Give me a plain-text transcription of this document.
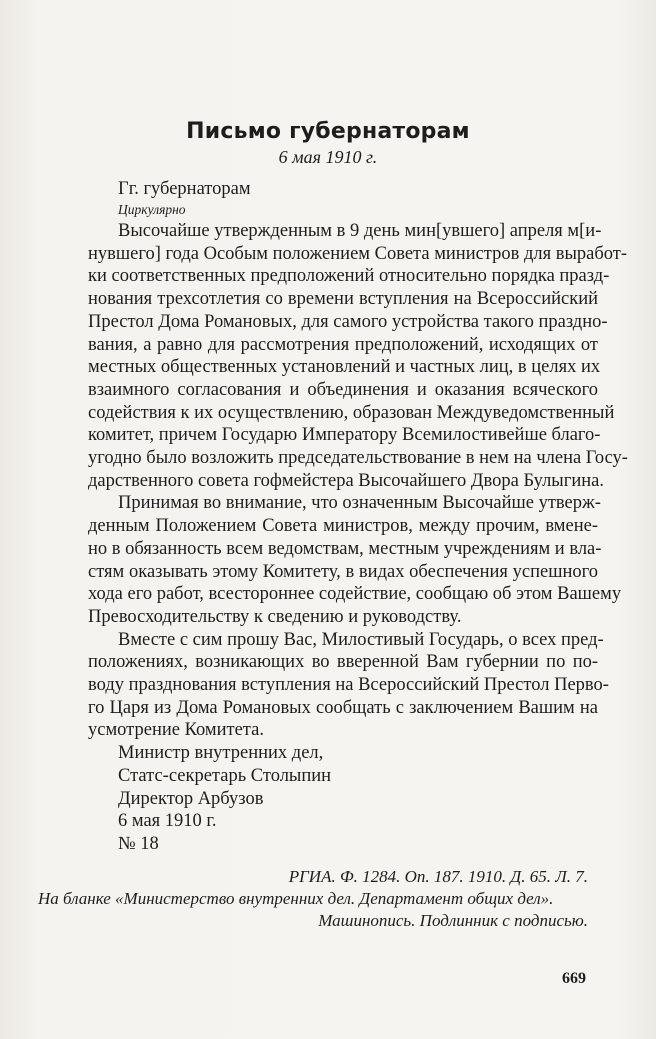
Письмо губернаторам
6 мая 1910 г.
Гг. губернаторам
Циркулярно
Высочайше утвержденным в 9 день мин[увшего] апреля м[и-
нувшего] года Особым положением Совета министров для выработ-
ки соответственных предположений относительно порядка празд-
нования трехсотлетия со времени вступления на Всероссийский
Престол Дома Романовых, для самого устройства такого праздно-
вания, а равно для рассмотрения предположений, исходящих от
местных общественных установлений и частных лиц, в целях их
взаимного согласования и объединения и оказания всяческого
содействия к их осуществлению, образован Междуведомственный
комитет, причем Государю Императору Всемилостивейше благо-
угодно было возложить председательствование в нем на члена Госу-
дарственного совета гофмейстера Высочайшего Двора Булыгина.
Принимая во внимание, что означенным Высочайше утверж-
денным Положением Совета министров, между прочим, вмене-
но в обязанность всем ведомствам, местным учреждениям и вла-
стям оказывать этому Комитету, в видах обеспечения успешного
хода его работ, всестороннее содействие, сообщаю об этом Вашему
Превосходительству к сведению и руководству.
Вместе с сим прошу Вас, Милостивый Государь, о всех пред-
положениях, возникающих во вверенной Вам губернии по по-
воду празднования вступления на Всероссийский Престол Перво-
го Царя из Дома Романовых сообщать с заключением Вашим на
усмотрение Комитета.
Министр внутренних дел,
Статс-секретарь Столыпин
Директор Арбузов
6 мая 1910 г.
№ 18
РГИА. Ф. 1284. Оп. 187. 1910. Д. 65. Л. 7.
На бланке «Министерство внутренних дел. Департамент общих дел».
Машинопись. Подлинник с подписью.
669
